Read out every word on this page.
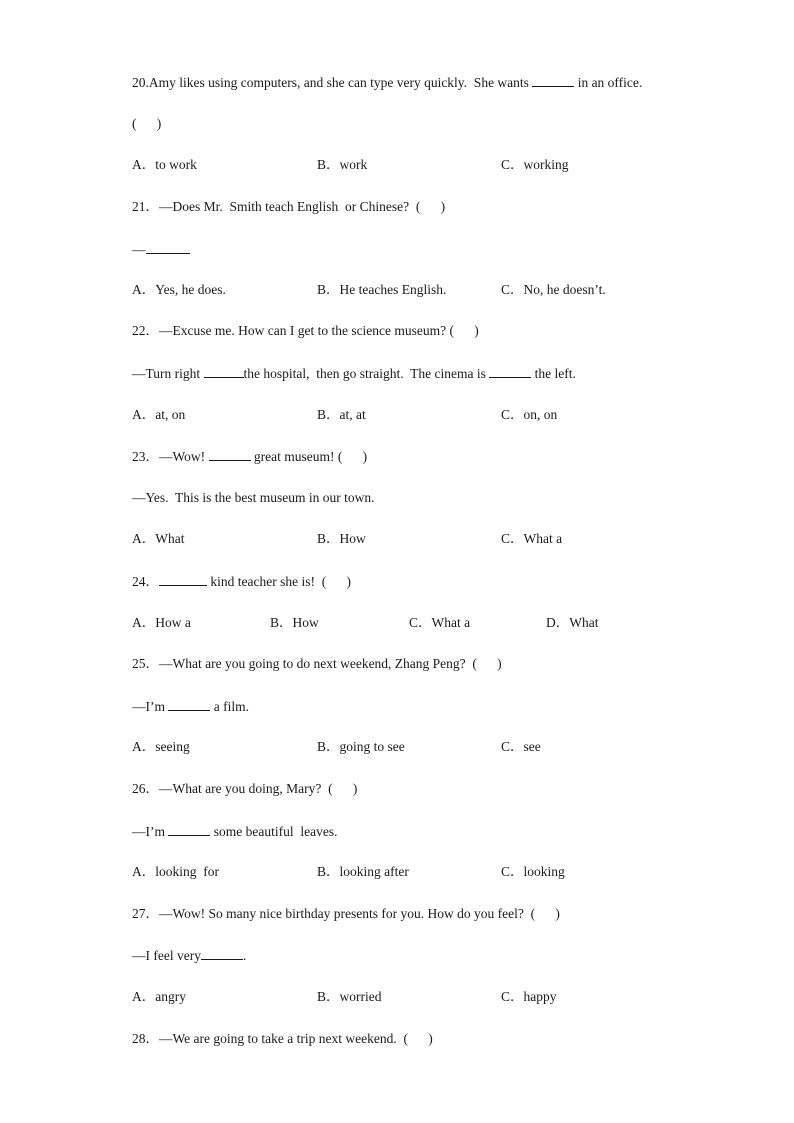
20.Amy likes using computers, and she can type very quickly.  She wants	in an office.
(      )
A．to work	B．work	C．working
21．—Does Mr.  Smith teach English  or Chinese?  (      )
—
A．Yes, he does.	B．He teaches English.	C．No, he doesn’t.
22．—Excuse me. How can I get to the science museum? (      )
—Turn right	the hospital,  then go straight.  The cinema is	the left.
A．at, on	B．at, at	C．on, on
23．—Wow!	great museum! (      )
—Yes.  This is the best museum in our town.
A．What	B．How	C．What a
24．	kind teacher she is!  (      )
A．How a	B．How	C．What a	D．What
25．—What are you going to do next weekend, Zhang Peng?  (      )
—I’m	a film.
A．seeing	B．going to see	C．see
26．—What are you doing, Mary?  (      )
—I’m	some beautiful  leaves.
A．looking  for	B．looking after	C．looking
27．—Wow! So many nice birthday presents for you. How do you feel?  (      )
—I feel very	.
A．angry	B．worried	C．happy
28．—We are going to take a trip next weekend.  (      )
